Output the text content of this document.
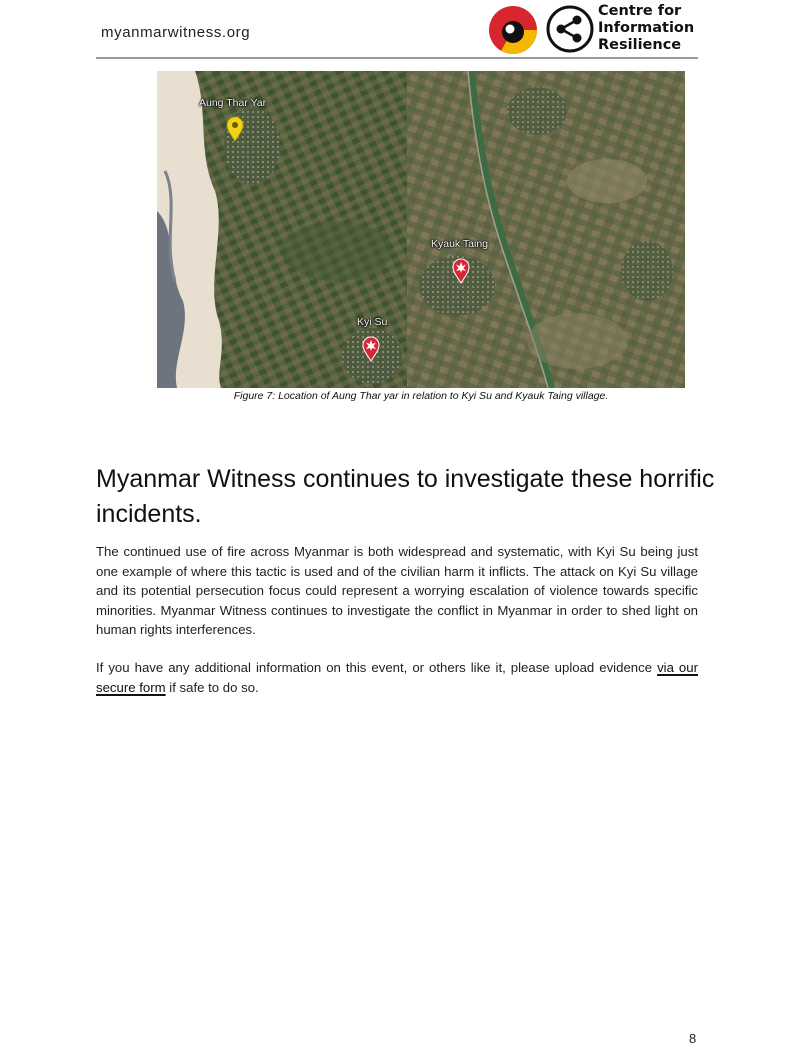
myanmarwitness.org
Centre for
Information
Resilience
Aung Thar Yar
Kyauk Taing
Kyi Su
Figure 7: Location of Aung Thar yar in relation to Kyi Su and Kyauk Taing village.
Myanmar Witness continues to investigate these horrific incidents.

The continued use of fire across Myanmar is both widespread and systematic, with Kyi Su being just one example of where this tactic is used and of the civilian harm it inflicts. The attack on Kyi Su village and its potential persecution focus could represent a worrying escalation of violence towards specific minorities. Myanmar Witness continues to investigate the conflict in Myanmar in order to shed light on human rights interferences.

If you have any additional information on this event, or others like it, please upload evidence via our secure form if safe to do so.

8
